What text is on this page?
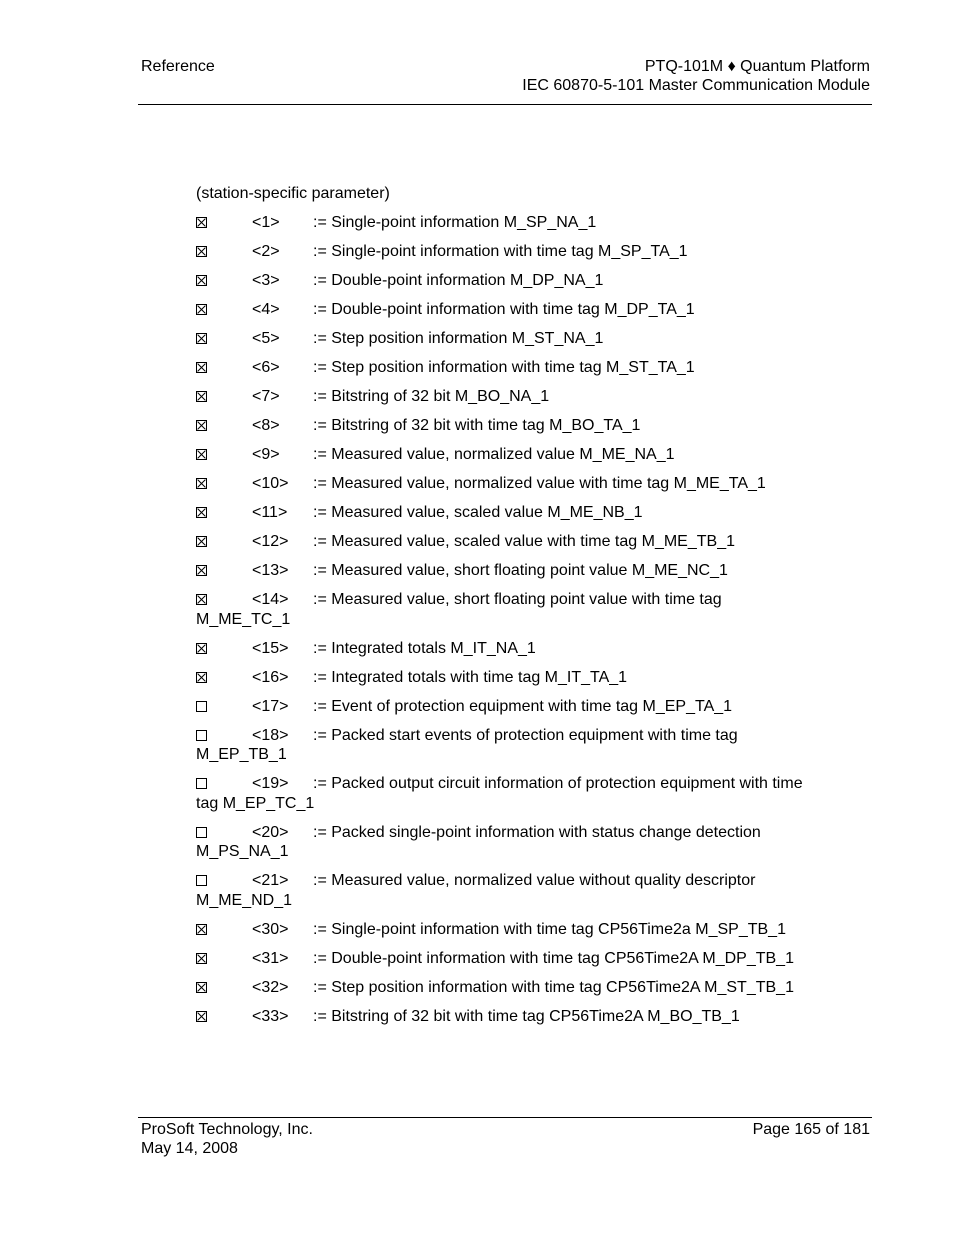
Reference	PTQ-101M ♦ Quantum Platform
IEC 60870-5-101 Master Communication Module
(station-specific parameter)
<1> := Single-point information M_SP_NA_1
<2> := Single-point information with time tag M_SP_TA_1
<3> := Double-point information M_DP_NA_1
<4> := Double-point information with time tag M_DP_TA_1
<5> := Step position information M_ST_NA_1
<6> := Step position information with time tag M_ST_TA_1
<7> := Bitstring of 32 bit M_BO_NA_1
<8> := Bitstring of 32 bit with time tag M_BO_TA_1
<9> := Measured value, normalized value M_ME_NA_1
<10> := Measured value, normalized value with time tag M_ME_TA_1
<11> := Measured value, scaled value M_ME_NB_1
<12> := Measured value, scaled value with time tag M_ME_TB_1
<13> := Measured value, short floating point value M_ME_NC_1
<14> := Measured value, short floating point value with time tag M_ME_TC_1
<15> := Integrated totals M_IT_NA_1
<16> := Integrated totals with time tag M_IT_TA_1
<17> := Event of protection equipment with time tag M_EP_TA_1
<18> := Packed start events of protection equipment with time tag M_EP_TB_1
<19> := Packed output circuit information of protection equipment with time tag M_EP_TC_1
<20> := Packed single-point information with status change detection M_PS_NA_1
<21> := Measured value, normalized value without quality descriptor M_ME_ND_1
<30> := Single-point information with time tag CP56Time2a M_SP_TB_1
<31> := Double-point information with time tag CP56Time2A M_DP_TB_1
<32> := Step position information with time tag CP56Time2A M_ST_TB_1
<33> := Bitstring of 32 bit with time tag CP56Time2A M_BO_TB_1
ProSoft Technology, Inc.
May 14, 2008
Page 165 of 181
